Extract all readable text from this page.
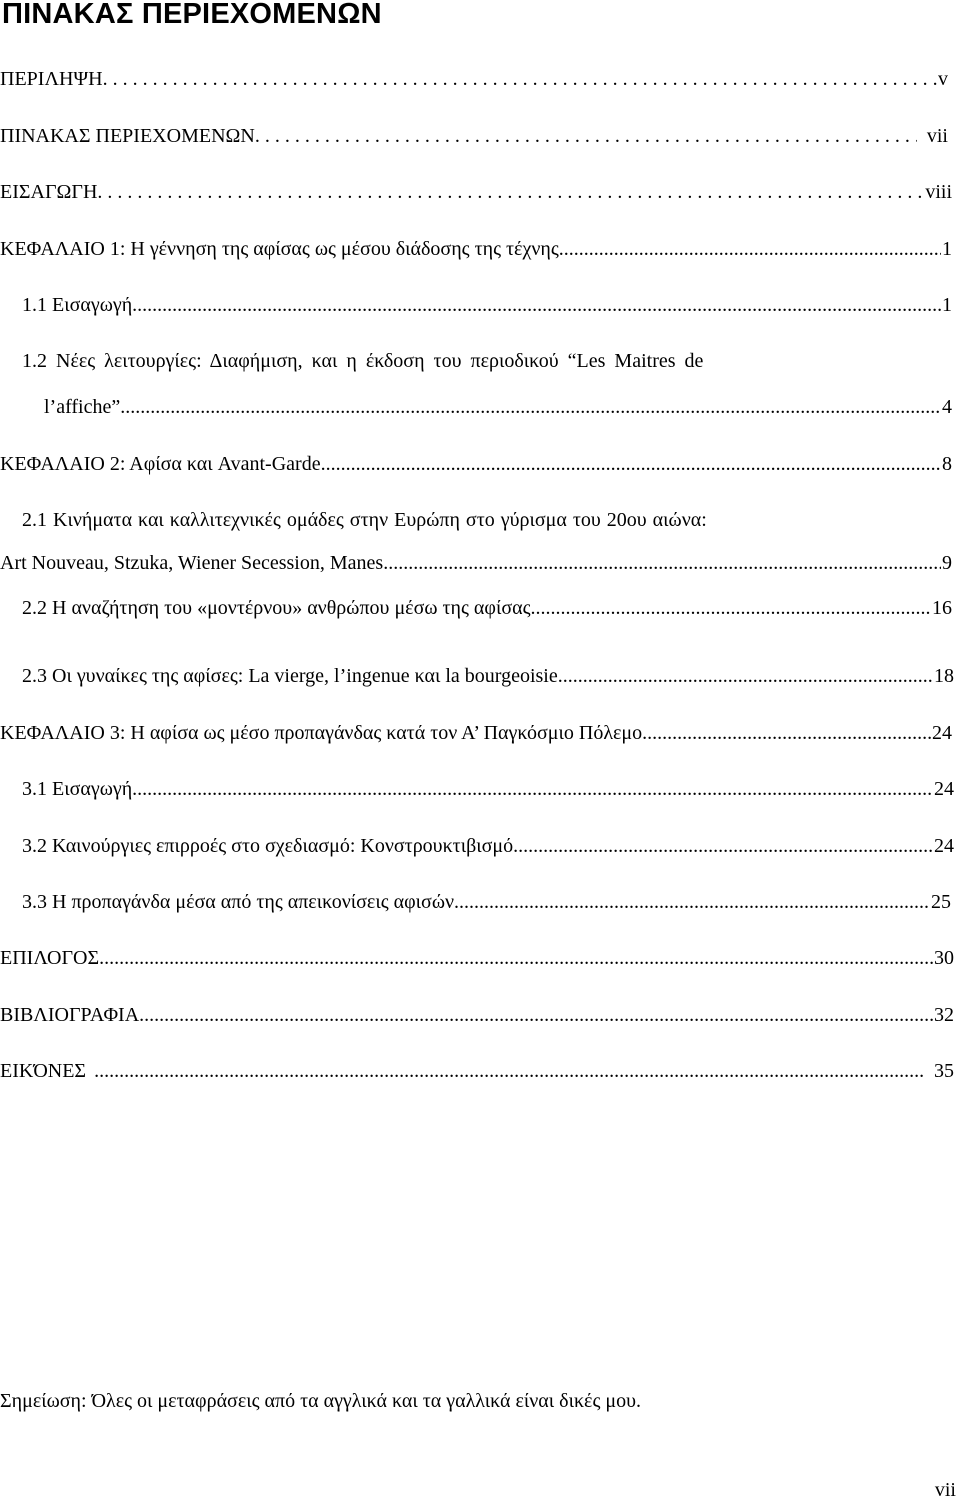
ΠΙΝΑΚΑΣ ΠΕΡΙΕΧΟΜΕΝΩΝ
ΠΕΡΙΛΗΨΗ . . .	v
ΠΙΝΑΚΑΣ ΠΕΡΙΕΧΟΜΕΝΩΝ . . .	vii
ΕΙΣΑΓΩΓΗ . . .	viii
ΚΕΦΑΛΑΙΟ 1: Η γέννηση της αφίσας ως μέσου διάδοσης της τέχνης .....	1
1.1 Εισαγωγή .....	1
1.2 Νέες λειτουργίες: Διαφήμιση, και η έκδοση του περιοδικού “Les Maitres de
l’affiche” .....	4
ΚΕΦΑΛΑΙΟ 2: Αφίσα και Avant-Garde .....	8
2.1 Κινήματα και καλλιτεχνικές ομάδες στην Ευρώπη στο γύρισμα του 20ου αιώνα:
Art Nouveau, Stzuka, Wiener Secession, Manes .....	9
2.2 Η αναζήτηση του «μοντέρνου» ανθρώπου μέσω της αφίσας .....	16
2.3 Οι γυναίκες της αφίσες: La vierge, l’ingenue και la bourgeoisie .....	18
ΚΕΦΑΛΑΙΟ 3: Η αφίσα ως μέσο προπαγάνδας κατά τον Α’ Παγκόσμιο Πόλεμο .....	24
3.1 Εισαγωγή .....	24
3.2 Καινούργιες επιρροές στο σχεδιασμό: Κονστρουκτιβισμό .....	24
3.3 Η προπαγάνδα μέσα από της απεικονίσεις αφισών .....	25
ΕΠΙΛΟΓΟΣ .....	30
ΒΙΒΛΙΟΓΡΑΦΙΑ .....	32
ΕΙΚΌΝΕΣ .....	35
Σημείωση: Όλες οι μεταφράσεις από τα αγγλικά και τα γαλλικά είναι δικές μου.
vii
